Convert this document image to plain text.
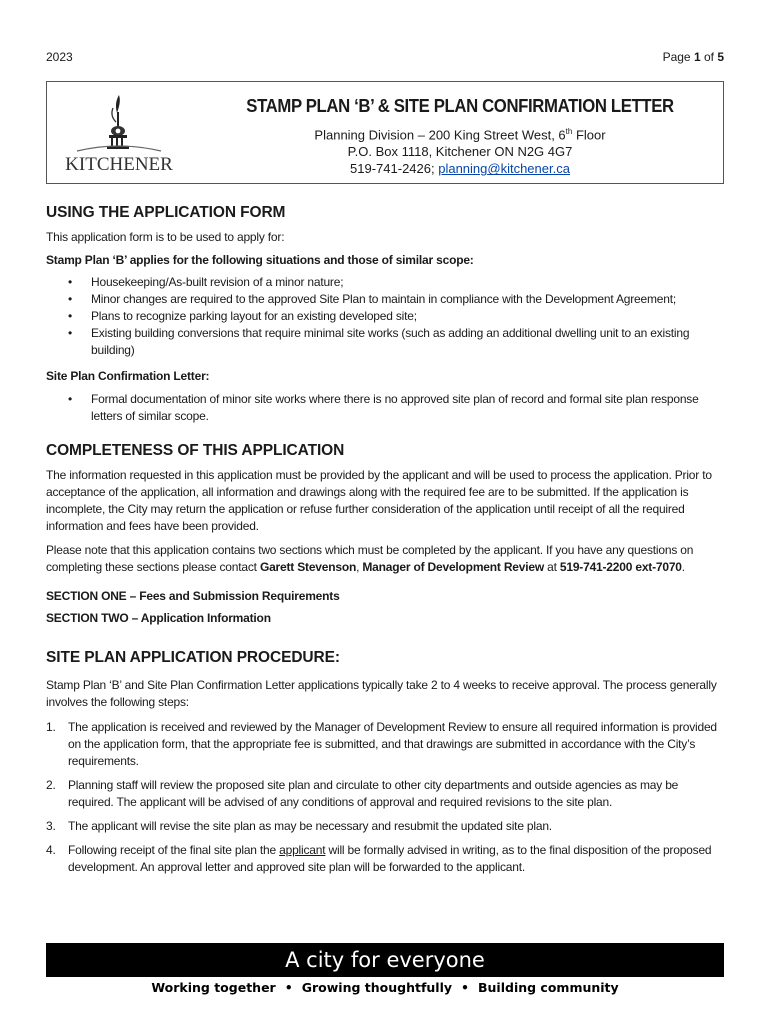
2023	Page 1 of 5
KITCHENER
STAMP PLAN ‘B’ & SITE PLAN CONFIRMATION LETTER
Planning Division – 200 King Street West, 6th Floor
P.O. Box 1118, Kitchener ON N2G 4G7
519-741-2426; planning@kitchener.ca
USING THE APPLICATION FORM

This application form is to be used to apply for:

Stamp Plan ‘B’ applies for the following situations and those of similar scope:

• Housekeeping/As-built revision of a minor nature;
• Minor changes are required to the approved Site Plan to maintain in compliance with the Development Agreement;
• Plans to recognize parking layout for an existing developed site;
• Existing building conversions that require minimal site works (such as adding an additional dwelling unit to an existing building)

Site Plan Confirmation Letter:

• Formal documentation of minor site works where there is no approved site plan of record and formal site plan response letters of similar scope.
COMPLETENESS OF THIS APPLICATION

The information requested in this application must be provided by the applicant and will be used to process the application. Prior to acceptance of the application, all information and drawings along with the required fee are to be submitted. If the application is incomplete, the City may return the application or refuse further consideration of the application until receipt of all the required information and fees have been provided.

Please note that this application contains two sections which must be completed by the applicant. If you have any questions on completing these sections please contact Garett Stevenson, Manager of Development Review at 519-741-2200 ext-7070.

SECTION ONE – Fees and Submission Requirements

SECTION TWO – Application Information

SITE PLAN APPLICATION PROCEDURE:

Stamp Plan ‘B’ and Site Plan Confirmation Letter applications typically take 2 to 4 weeks to receive approval. The process generally involves the following steps:

1. The application is received and reviewed by the Manager of Development Review to ensure all required information is provided on the application form, that the appropriate fee is submitted, and that drawings are submitted in accordance with the City’s requirements.
2. Planning staff will review the proposed site plan and circulate to other city departments and outside agencies as may be required. The applicant will be advised of any conditions of approval and required revisions to the site plan.
3. The applicant will revise the site plan as may be necessary and resubmit the updated site plan.
4. Following receipt of the final site plan the applicant will be formally advised in writing, as to the final disposition of the proposed development. An approval letter and approved site plan will be forwarded to the applicant.
A city for everyone
Working together • Growing thoughtfully • Building community
